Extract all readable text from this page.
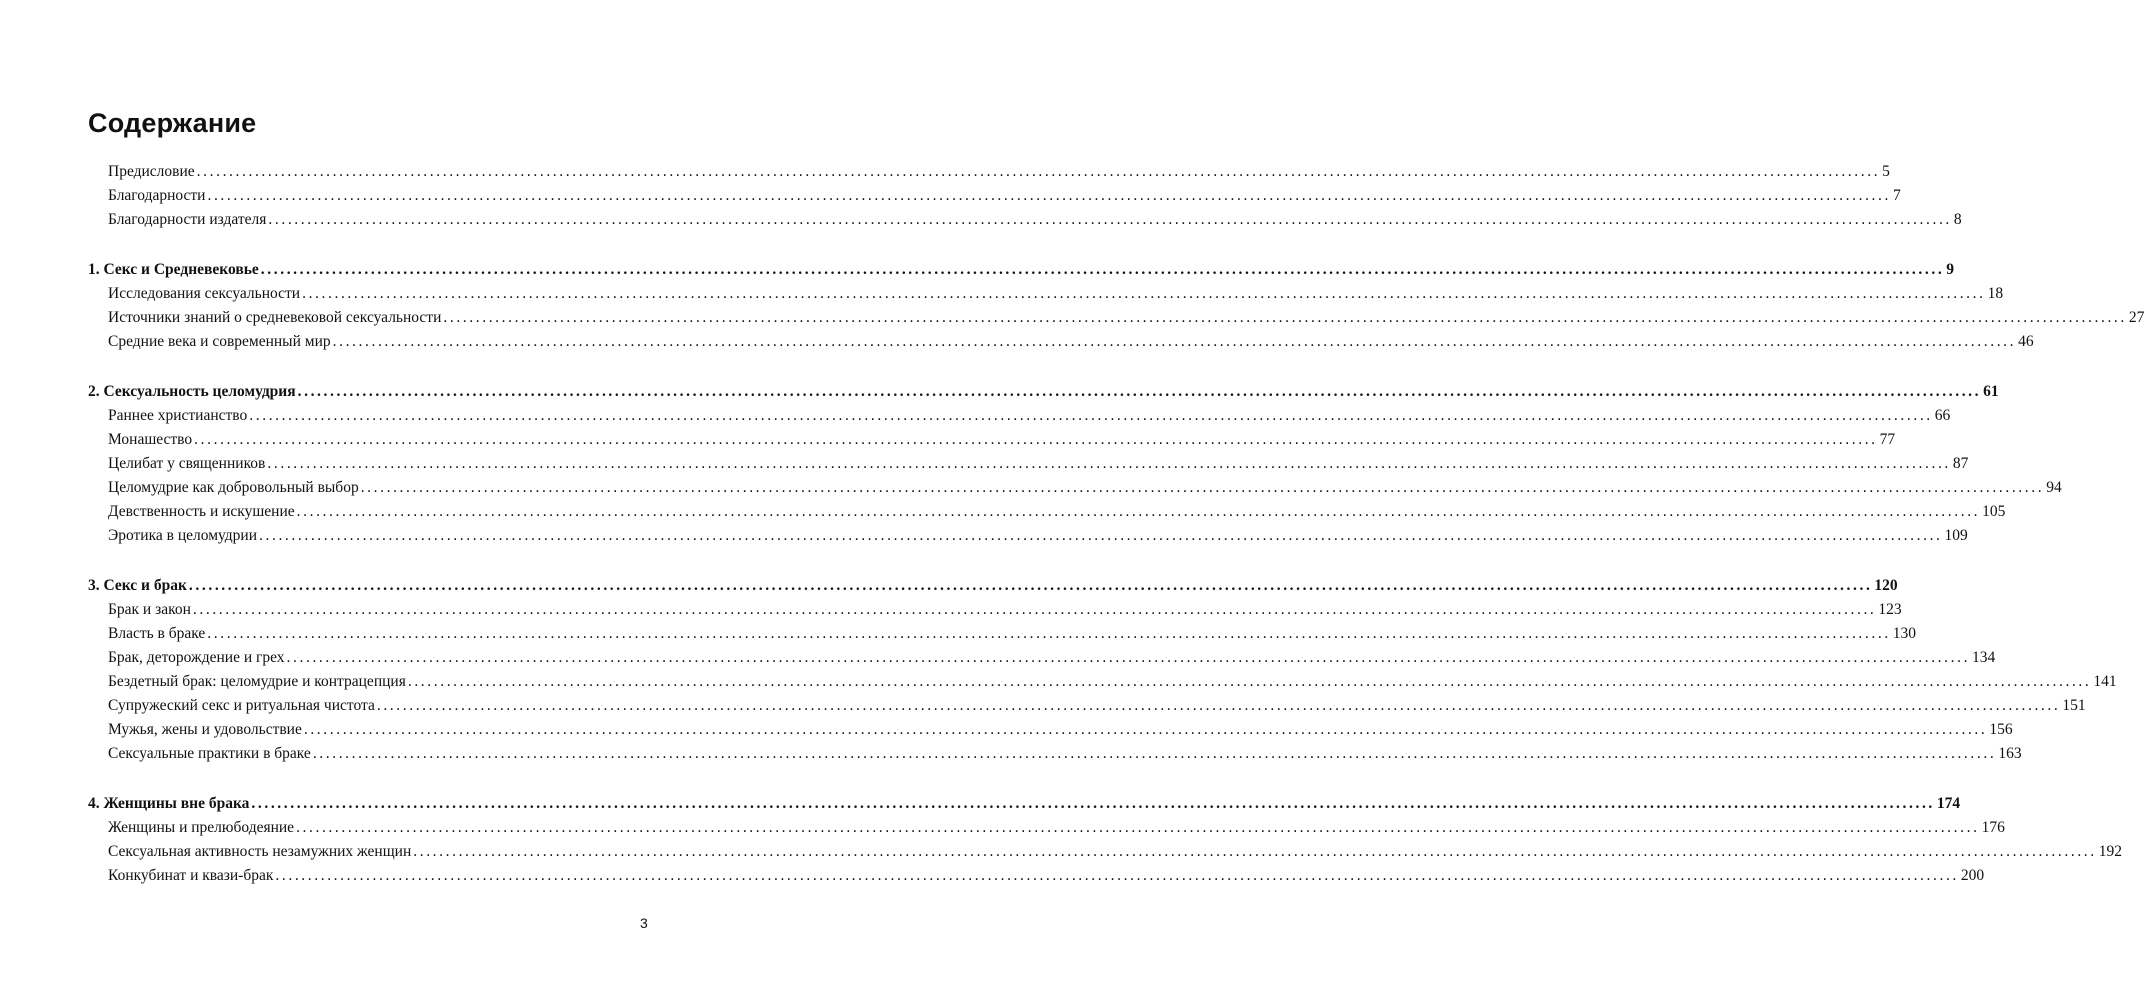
Содержание
Предисловие .................................................................................................................................................................................................................................................................... 5
Благодарности .................................................................................................................................................................................................................................................................... 7
Благодарности издателя .................................................................................................................................................................................................................................................................... 8
1. Секс и Средневековье .................................................................................................................................................................................................................................................................... 9
Исследования сексуальности .................................................................................................................................................................................................................................................................... 18
Источники знаний о средневековой сексуальности .................................................................................................................................................................................................................................................................... 27
Средние века и современный мир .................................................................................................................................................................................................................................................................... 46
2. Сексуальность целомудрия .................................................................................................................................................................................................................................................................... 61
Раннее христианство .................................................................................................................................................................................................................................................................... 66
Монашество .................................................................................................................................................................................................................................................................... 77
Целибат у священников .................................................................................................................................................................................................................................................................... 87
Целомудрие как добровольный выбор .................................................................................................................................................................................................................................................................... 94
Девственность и искушение .................................................................................................................................................................................................................................................................... 105
Эротика в целомудрии .................................................................................................................................................................................................................................................................... 109
3. Секс и брак .................................................................................................................................................................................................................................................................... 120
Брак и закон .................................................................................................................................................................................................................................................................... 123
Власть в браке .................................................................................................................................................................................................................................................................... 130
Брак, деторождение и грех .................................................................................................................................................................................................................................................................... 134
Бездетный брак: целомудрие и контрацепция .................................................................................................................................................................................................................................................................... 141
Супружеский секс и ритуальная чистота .................................................................................................................................................................................................................................................................... 151
Мужья, жены и удовольствие .................................................................................................................................................................................................................................................................... 156
Сексуальные практики в браке .................................................................................................................................................................................................................................................................... 163
4. Женщины вне брака .................................................................................................................................................................................................................................................................... 174
Женщины и прелюбодеяние .................................................................................................................................................................................................................................................................... 176
Сексуальная активность незамужних женщин .................................................................................................................................................................................................................................................................... 192
Конкубинат и квази-брак .................................................................................................................................................................................................................................................................... 200
3
